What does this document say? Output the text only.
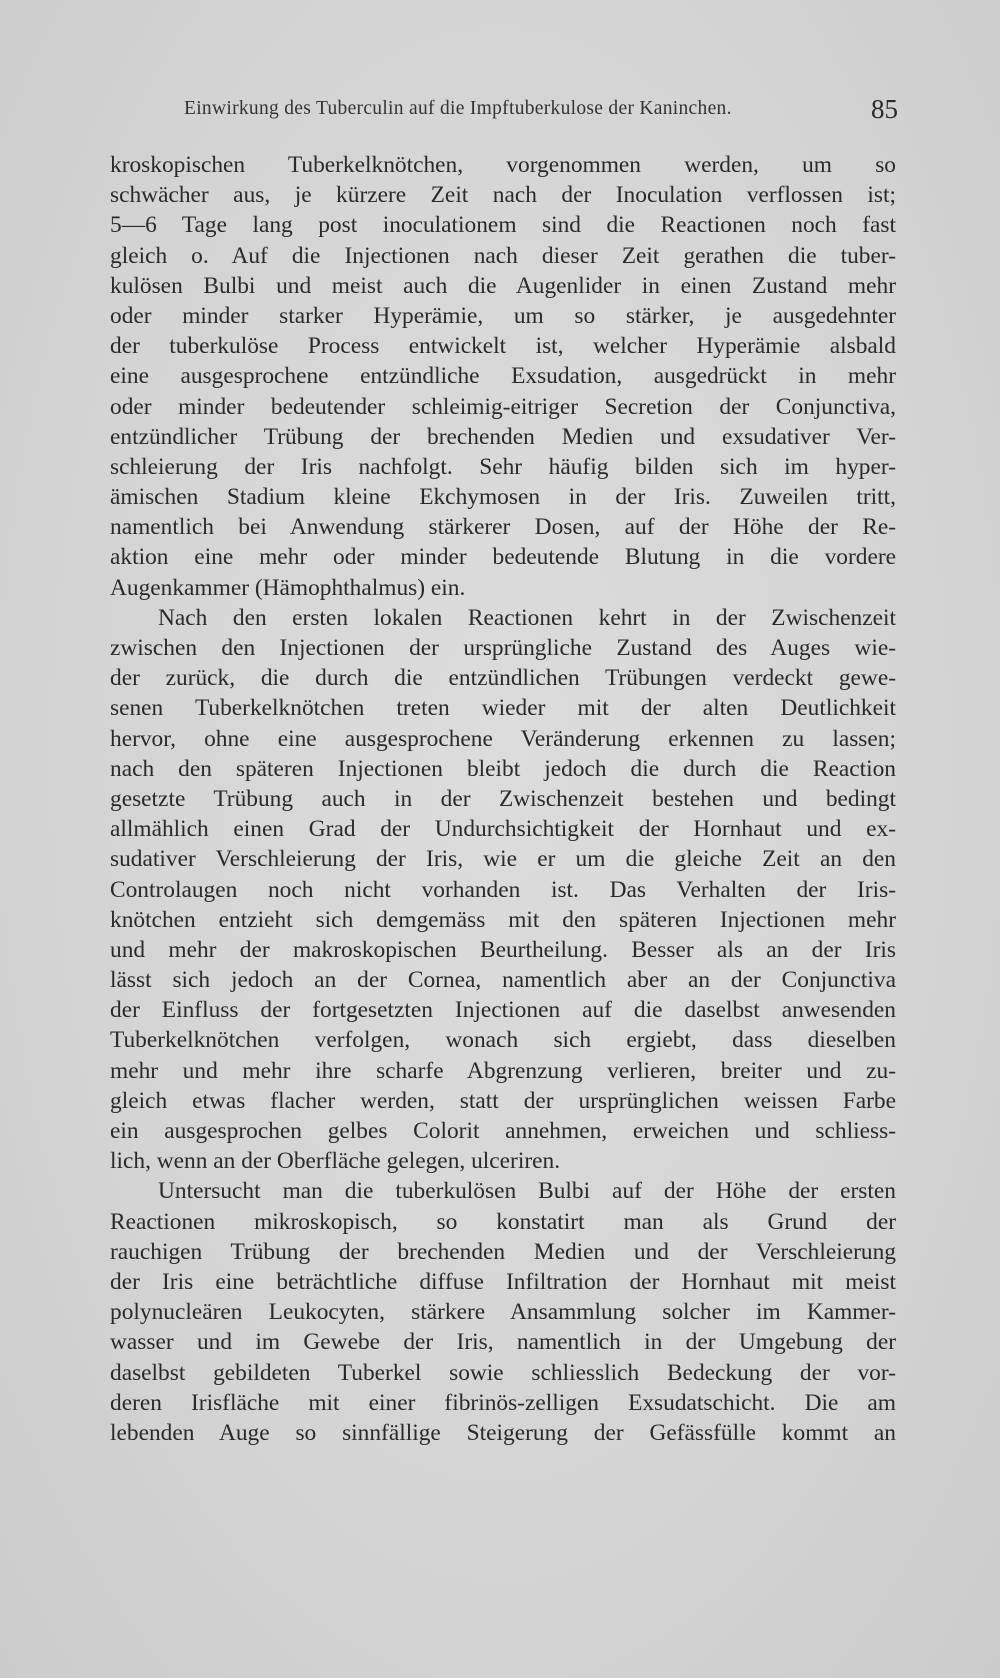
Einwirkung des Tuberculin auf die Impftuberkulose der Kaninchen.	85
kroskopischen Tuberkelknötchen, vorgenommen werden, um so
schwächer aus, je kürzere Zeit nach der Inoculation verflossen ist;
5—6 Tage lang post inoculationem sind die Reactionen noch fast
gleich o. Auf die Injectionen nach dieser Zeit gerathen die tuber-
kulösen Bulbi und meist auch die Augenlider in einen Zustand mehr
oder minder starker Hyperämie, um so stärker, je ausgedehnter
der tuberkulöse Process entwickelt ist, welcher Hyperämie alsbald
eine ausgesprochene entzündliche Exsudation, ausgedrückt in mehr
oder minder bedeutender schleimig-eitriger Secretion der Conjunctiva,
entzündlicher Trübung der brechenden Medien und exsudativer Ver-
schleierung der Iris nachfolgt. Sehr häufig bilden sich im hyper-
ämischen Stadium kleine Ekchymosen in der Iris. Zuweilen tritt,
namentlich bei Anwendung stärkerer Dosen, auf der Höhe der Re-
aktion eine mehr oder minder bedeutende Blutung in die vordere
Augenkammer (Hämophthalmus) ein.
Nach den ersten lokalen Reactionen kehrt in der Zwischenzeit
zwischen den Injectionen der ursprüngliche Zustand des Auges wie-
der zurück, die durch die entzündlichen Trübungen verdeckt gewe-
senen Tuberkelknötchen treten wieder mit der alten Deutlichkeit
hervor, ohne eine ausgesprochene Veränderung erkennen zu lassen;
nach den späteren Injectionen bleibt jedoch die durch die Reaction
gesetzte Trübung auch in der Zwischenzeit bestehen und bedingt
allmählich einen Grad der Undurchsichtigkeit der Hornhaut und ex-
sudativer Verschleierung der Iris, wie er um die gleiche Zeit an den
Controlaugen noch nicht vorhanden ist. Das Verhalten der Iris-
knötchen entzieht sich demgemäss mit den späteren Injectionen mehr
und mehr der makroskopischen Beurtheilung. Besser als an der Iris
lässt sich jedoch an der Cornea, namentlich aber an der Conjunctiva
der Einfluss der fortgesetzten Injectionen auf die daselbst anwesenden
Tuberkelknötchen verfolgen, wonach sich ergiebt, dass dieselben
mehr und mehr ihre scharfe Abgrenzung verlieren, breiter und zu-
gleich etwas flacher werden, statt der ursprünglichen weissen Farbe
ein ausgesprochen gelbes Colorit annehmen, erweichen und schliess-
lich, wenn an der Oberfläche gelegen, ulceriren.
Untersucht man die tuberkulösen Bulbi auf der Höhe der ersten
Reactionen mikroskopisch, so konstatirt man als Grund der
rauchigen Trübung der brechenden Medien und der Verschleierung
der Iris eine beträchtliche diffuse Infiltration der Hornhaut mit meist
polynucleären Leukocyten, stärkere Ansammlung solcher im Kammer-
wasser und im Gewebe der Iris, namentlich in der Umgebung der
daselbst gebildeten Tuberkel sowie schliesslich Bedeckung der vor-
deren Irisfläche mit einer fibrinös-zelligen Exsudatschicht. Die am
lebenden Auge so sinnfällige Steigerung der Gefässfülle kommt an
